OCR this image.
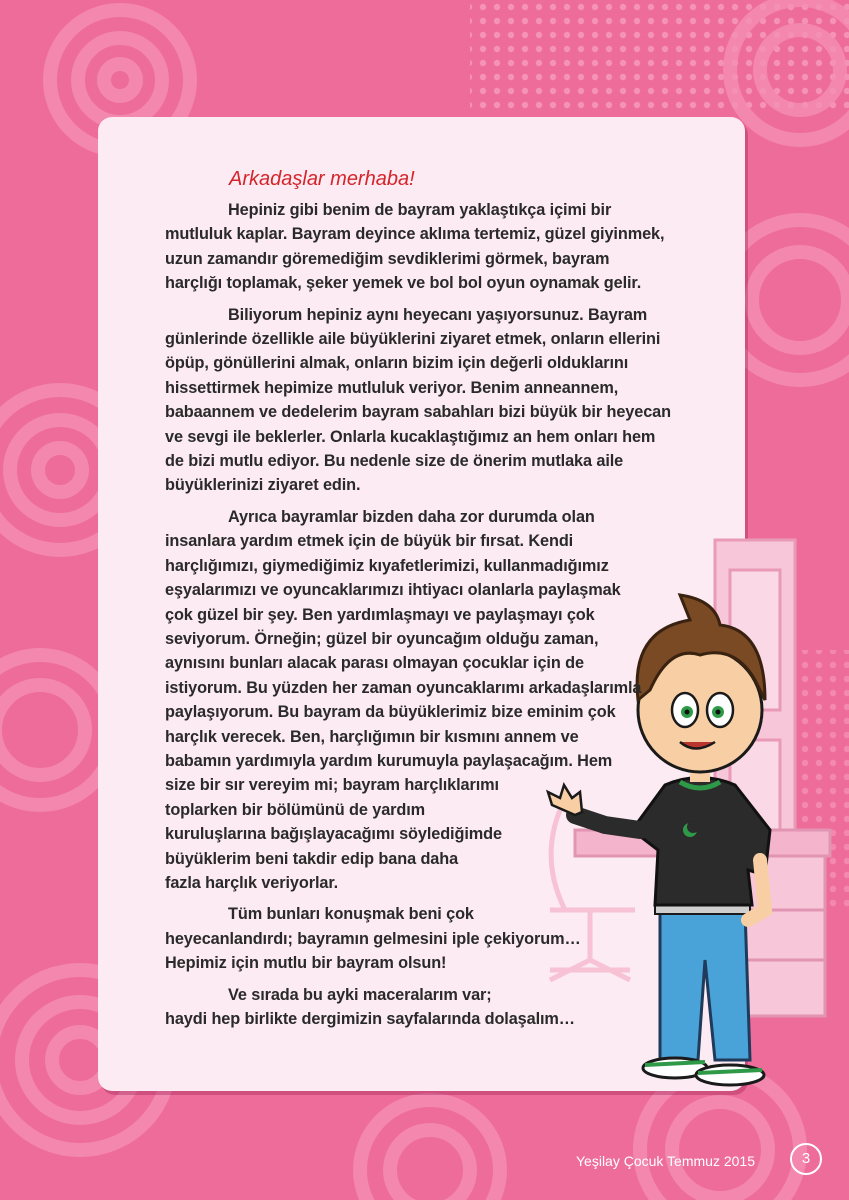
Arkadaşlar merhaba!

Hepiniz gibi benim de bayram yaklaştıkça içimi bir
mutluluk kaplar. Bayram deyince aklıma tertemiz, güzel giyinmek,
uzun zamandır göremediğim sevdiklerimi görmek, bayram
harçlığı toplamak, şeker yemek ve bol bol oyun oynamak gelir.

Biliyorum hepiniz aynı heyecanı yaşıyorsunuz. Bayram
günlerinde özellikle aile büyüklerini ziyaret etmek, onların ellerini
öpüp, gönüllerini almak, onların bizim için değerli olduklarını
hissettirmek hepimize mutluluk veriyor. Benim anneannem,
babaannem ve dedelerim bayram sabahları bizi büyük bir heyecan
ve sevgi ile beklerler. Onlarla kucaklaştığımız an hem onları hem
de bizi mutlu ediyor. Bu nedenle size de önerim mutlaka aile
büyüklerinizi ziyaret edin.

Ayrıca bayramlar bizden daha zor durumda olan
insanlara yardım etmek için de büyük bir fırsat. Kendi
harçlığımızı, giymediğimiz kıyafetlerimizi, kullanmadığımız
eşyalarımızı ve oyuncaklarımızı ihtiyacı olanlarla paylaşmak
çok güzel bir şey. Ben yardımlaşmayı ve paylaşmayı çok
seviyorum. Örneğin; güzel bir oyuncağım olduğu zaman,
aynısını bunları alacak parası olmayan çocuklar için de
istiyorum. Bu yüzden her zaman oyuncaklarımı arkadaşlarımla
paylaşıyorum. Bu bayram da büyüklerimiz bize eminim çok
harçlık verecek. Ben, harçlığımın bir kısmını annem ve
babamın yardımıyla yardım kurumuyla paylaşacağım. Hem
size bir sır vereyim mi; bayram harçlıklarımı
toplarken bir bölümünü de yardım
kuruluşlarına bağışlayacağımı söylediğimde
büyüklerim beni takdir edip bana daha
fazla harçlık veriyorlar.

Tüm bunları konuşmak beni çok
heyecanlandırdı; bayramın gelmesini iple çekiyorum…
Hepimiz için mutlu bir bayram olsun!

Ve sırada bu ayki maceralarım var;
haydi hep birlikte dergimizin sayfalarında dolaşalım…

Yeşilay Çocuk Temmuz 2015	3
